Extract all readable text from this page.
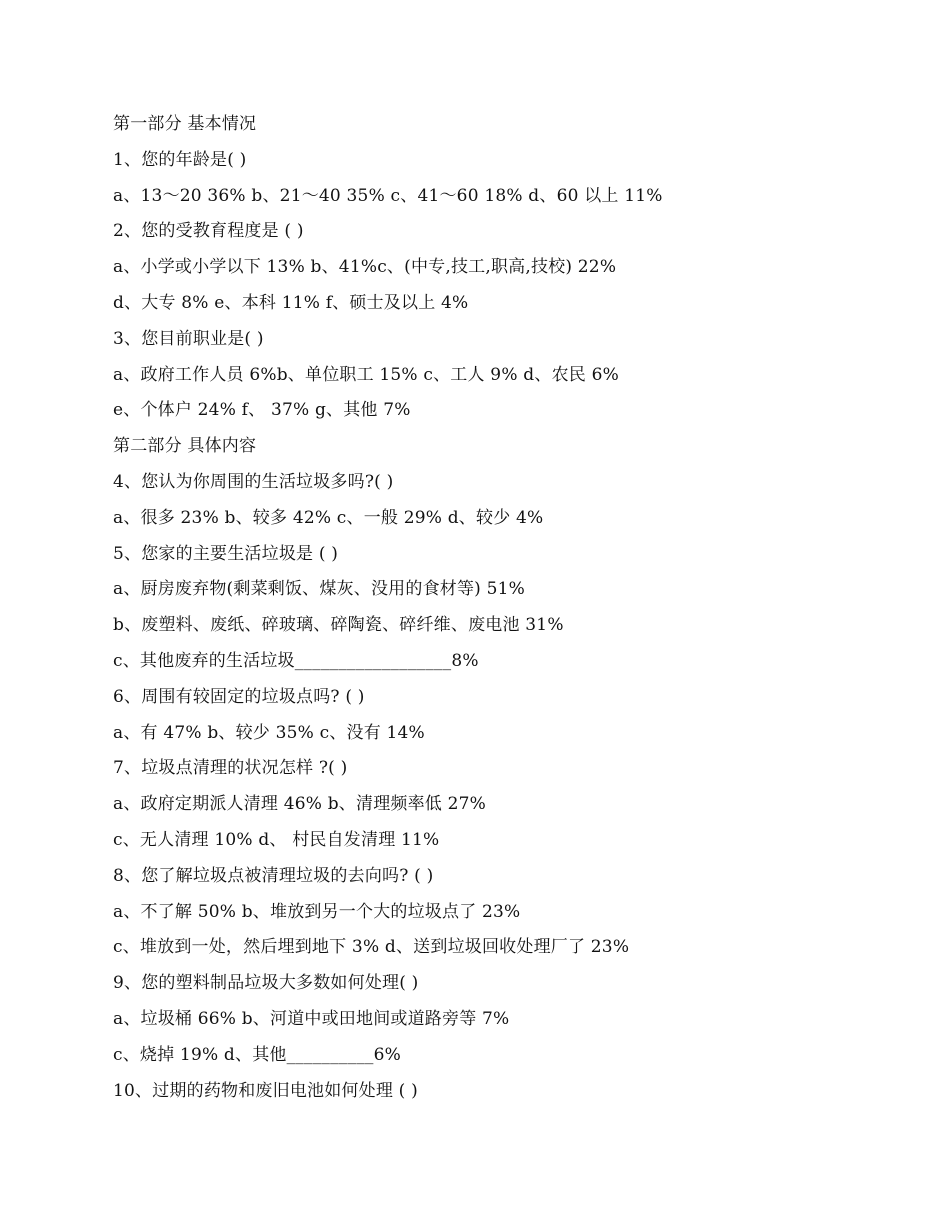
第一部分 基本情况
1、您的年龄是( )
a、13～20 36% b、21～40 35% c、41～60 18% d、60 以上 11%
2、您的受教育程度是 ( )
a、小学或小学以下 13% b、41%c、(中专,技工,职高,技校) 22%
d、大专 8% e、本科 11% f、硕士及以上 4%
3、您目前职业是( )
a、政府工作人员 6%b、单位职工 15% c、工人 9% d、农民 6%
e、个体户 24% f、 37% g、其他 7%
第二部分 具体内容
4、您认为你周围的生活垃圾多吗?( )
a、很多 23% b、较多 42% c、一般 29% d、较少 4%
5、您家的主要生活垃圾是 ( )
a、厨房废弃物(剩菜剩饭、煤灰、没用的食材等) 51%
b、废塑料、废纸、碎玻璃、碎陶瓷、碎纤维、废电池 31%
c、其他废弃的生活垃圾__________________8%
6、周围有较固定的垃圾点吗? ( )
a、有 47% b、较少 35% c、没有 14%
7、垃圾点清理的状况怎样 ?( )
a、政府定期派人清理 46% b、清理频率低 27%
c、无人清理 10% d、 村民自发清理 11%
8、您了解垃圾点被清理垃圾的去向吗? ( )
a、不了解 50% b、堆放到另一个大的垃圾点了 23%
c、堆放到一处，然后埋到地下 3% d、送到垃圾回收处理厂了 23%
9、您的塑料制品垃圾大多数如何处理( )
a、垃圾桶 66% b、河道中或田地间或道路旁等 7%
c、烧掉 19% d、其他__________6%
10、过期的药物和废旧电池如何处理 ( )
